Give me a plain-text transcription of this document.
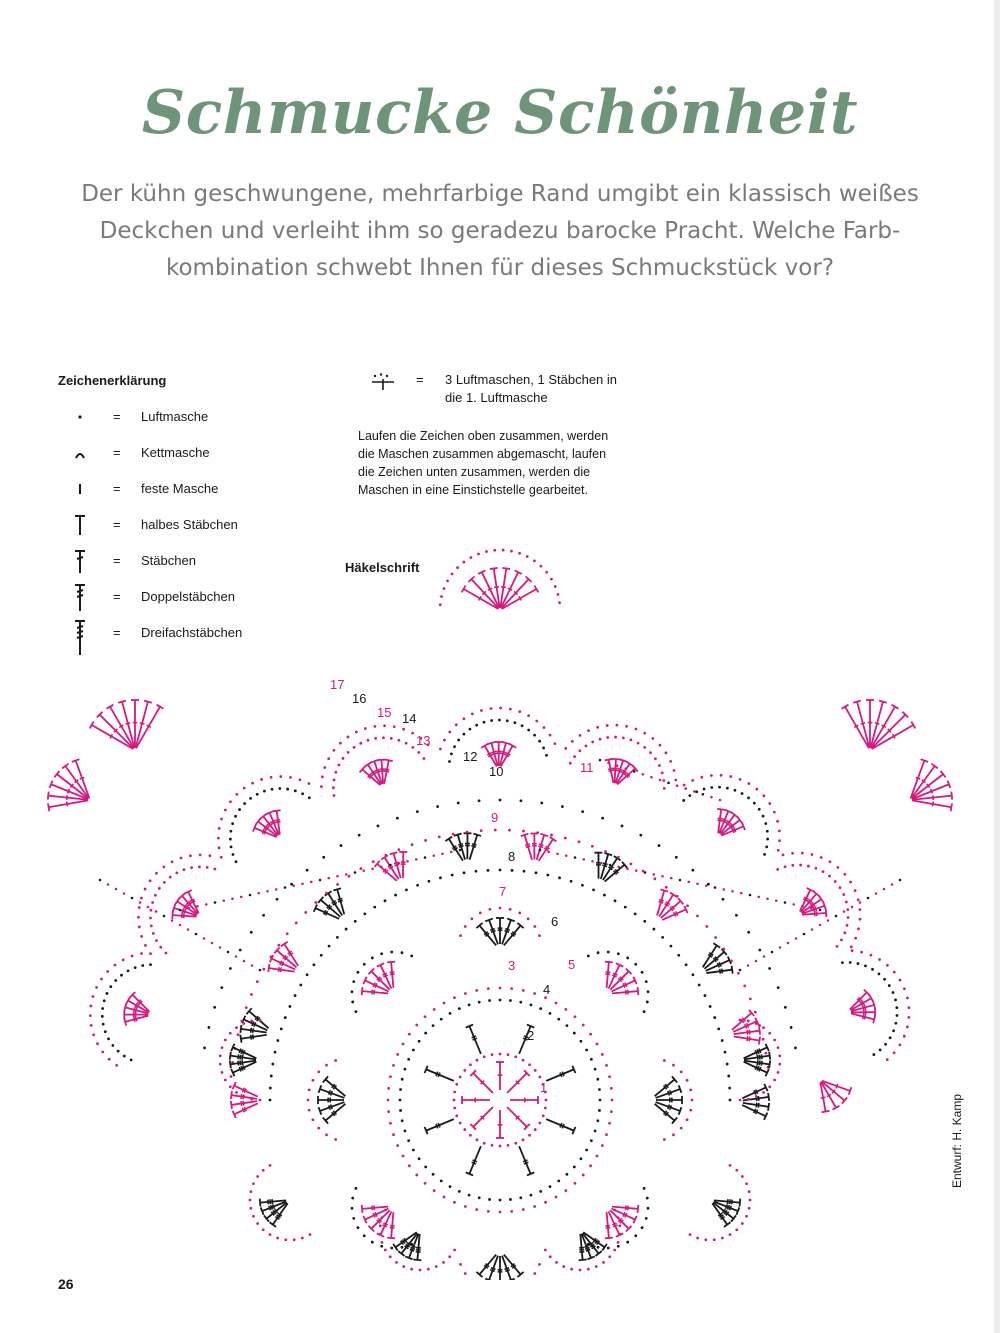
Schmucke Schönheit
Der kühn geschwungene, mehrfarbige Rand umgibt ein klassisch weißes
Deckchen und verleiht ihm so geradezu barocke Pracht. Welche Farb-
kombination schwebt Ihnen für dieses Schmuckstück vor?
Zeichenerklärung
= Luftmasche
= Kettmasche
= feste Masche
= halbes Stäbchen
= Stäbchen
= Doppelstäbchen
= Dreifachstäbchen
= 3 Luftmaschen, 1 Stäbchen in
die 1. Luftmasche
Laufen die Zeichen oben zusammen, werden
die Maschen zusammen abgemascht, laufen
die Zeichen unten zusammen, werden die
Maschen in eine Einstichstelle gearbeitet.
1
2
3
4
5
6
7
8
9
10	11
12
13
14
15
16
17
Häkelschrift
Entwurf: H. Kamp
26
